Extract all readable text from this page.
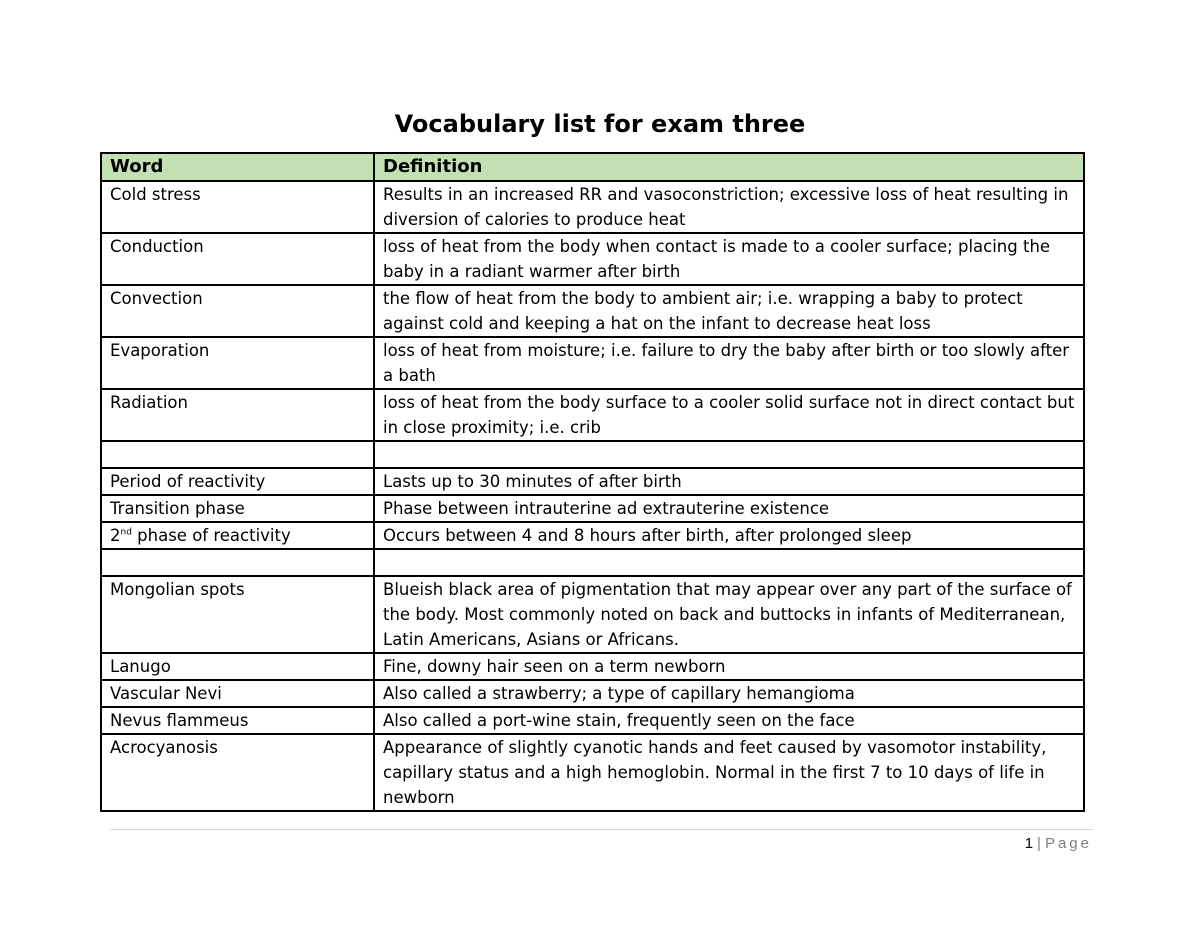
Vocabulary list for exam three
Word	Definition
Cold stress	Results in an increased RR and vasoconstriction; excessive loss of heat resulting in diversion of calories to produce heat
Conduction	loss of heat from the body when contact is made to a cooler surface; placing the baby in a radiant warmer after birth
Convection	the flow of heat from the body to ambient air; i.e. wrapping a baby to protect against cold and keeping a hat on the infant to decrease heat loss
Evaporation	loss of heat from moisture; i.e. failure to dry the baby after birth or too slowly after a bath
Radiation	loss of heat from the body surface to a cooler solid surface not in direct contact but in close proximity; i.e. crib

Period of reactivity	Lasts up to 30 minutes of after birth
Transition phase	Phase between intrauterine ad extrauterine existence
2nd phase of reactivity	Occurs between 4 and 8 hours after birth, after prolonged sleep

Mongolian spots	Blueish black area of pigmentation that may appear over any part of the surface of the body. Most commonly noted on back and buttocks in infants of Mediterranean, Latin Americans, Asians or Africans.
Lanugo	Fine, downy hair seen on a term newborn
Vascular Nevi	Also called a strawberry; a type of capillary hemangioma
Nevus flammeus	Also called a port-wine stain, frequently seen on the face
Acrocyanosis	Appearance of slightly cyanotic hands and feet caused by vasomotor instability, capillary status and a high hemoglobin. Normal in the first 7 to 10 days of life in newborn
1 | Page
